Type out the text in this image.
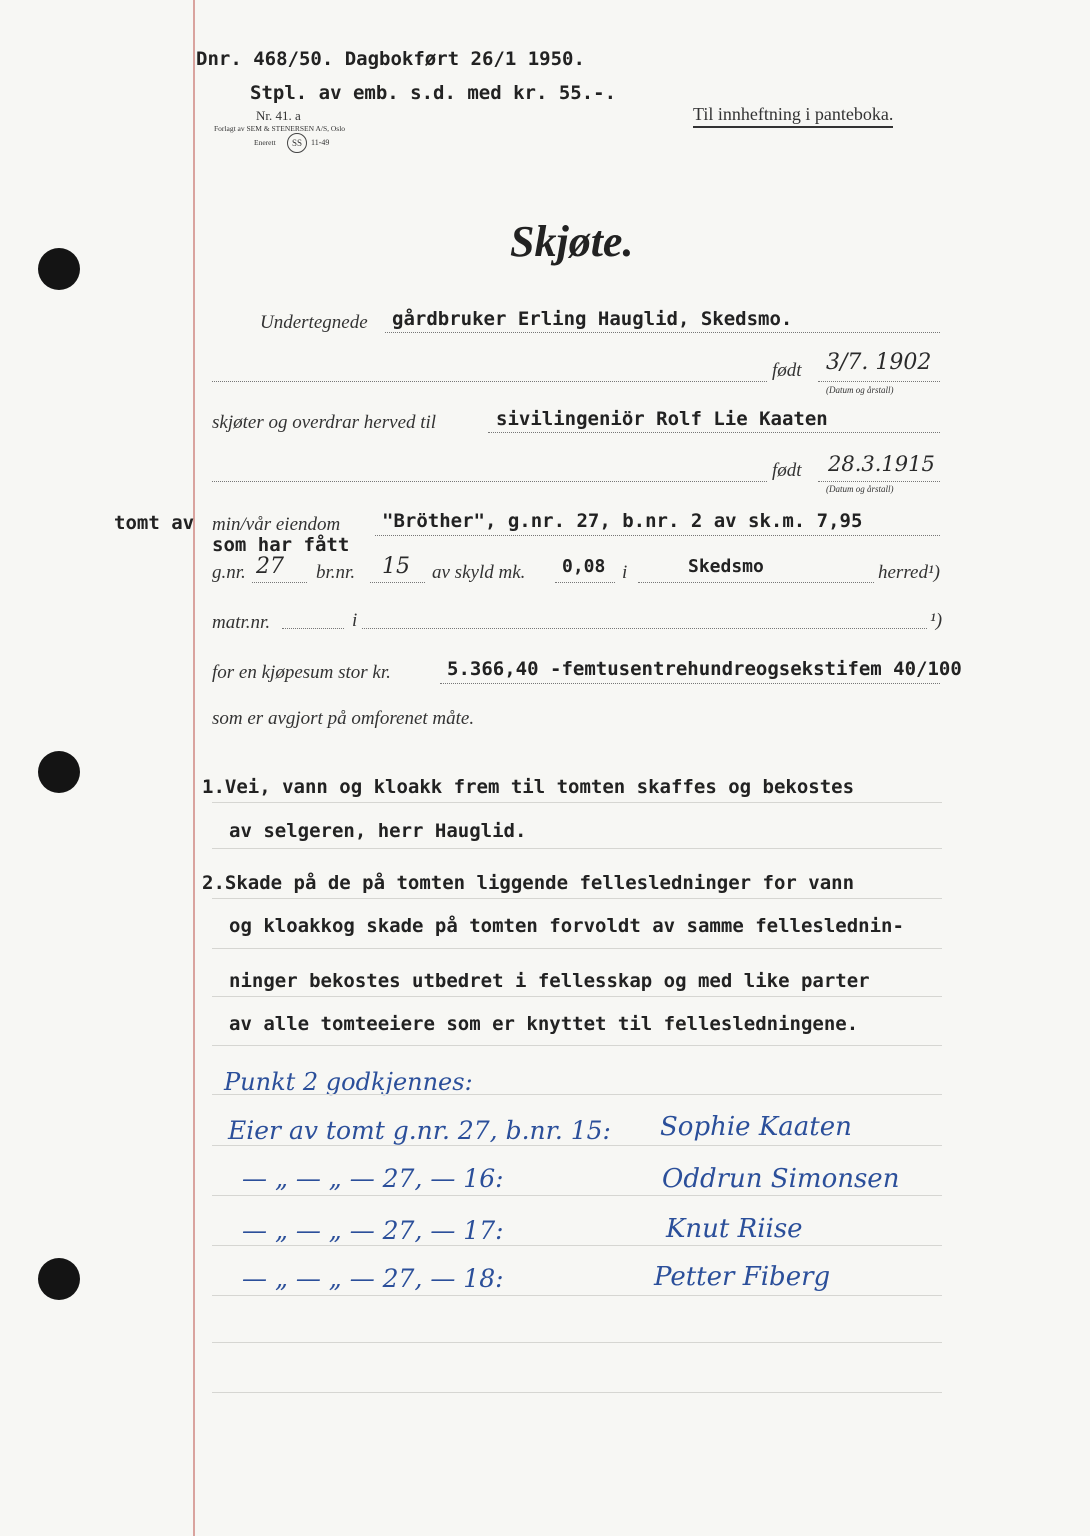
Dnr. 468/50. Dagbokført 26/1 1950.
Stpl. av emb. s.d. med kr. 55.-.
Nr. 41. a
Forlagt av SEM & STENERSEN A/S, Oslo
Enerett	SS	11-49
Til innheftning i panteboka.
Skjøte.
Undertegnede gårdbruker Erling Hauglid, Skedsmo.
født 3/7. 1902
(Datum og årstall)
skjøter og overdrar herved til	sivilingeniör Rolf Lie Kaaten
født 28.3.1915
(Datum og årstall)
tomt av min/vår eiendom "Bröther", g.nr. 27, b.nr. 2 av sk.m. 7,95
som har fått
g.nr. 27 br.nr. 15 av skyld mk. 0,08 i	Skedsmo	herred¹)
matr.nr.	i	¹)
for en kjøpesum stor kr.	5.366,40 -femtusentrehundreogsekstifem 40/100
som er avgjort på omforenet måte.
1.Vei, vann og kloakk frem til tomten skaffes og bekostes
av selgeren, herr Hauglid.
2.Skade på de på tomten liggende fellesledninger for vann
og kloakkog skade på tomten forvoldt av samme felleslednin-
ninger bekostes utbedret i fellesskap og med like parter
av alle tomteeiere som er knyttet til fellesledningene.
Punkt 2 godkjennes:
Eier av tomt g.nr. 27, b.nr. 15: Sophie Kaaten
— „ — „ — 27, — 16:	Oddrun Simonsen
— „ — „ — 27, — 17:	Knut Riise
— „ — „ — 27, — 18:	Petter Fiberg
